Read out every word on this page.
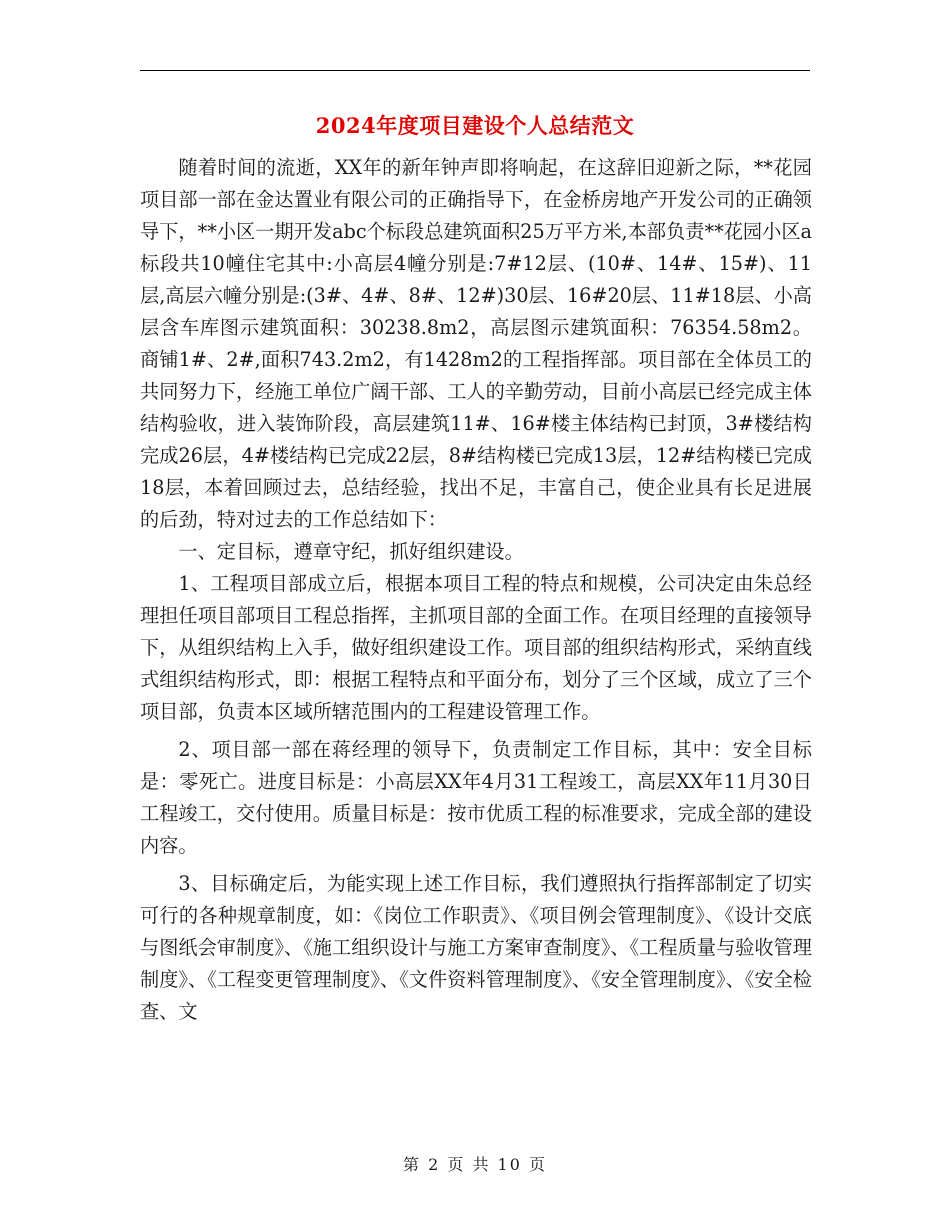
2024年度项目建设个人总结范文

随着时间的流逝，XX年的新年钟声即将响起，在这辞旧迎新之际，**花园项目部一部在金达置业有限公司的正确指导下，在金桥房地产开发公司的正确领导下，**小区一期开发abc个标段总建筑面积25万平方米,本部负责**花园小区a标段共10幢住宅其中:小高层4幢分别是:7#12层、(10#、14#、15#)、11层,高层六幢分别是:(3#、4#、8#、12#)30层、16#20层、11#18层、小高层含车库图示建筑面积：30238.8m2，高层图示建筑面积：76354.58m2。商铺1#、2#,面积743.2m2，有1428m2的工程指挥部。项目部在全体员工的共同努力下，经施工单位广阔干部、工人的辛勤劳动，目前小高层已经完成主体结构验收，进入装饰阶段，高层建筑11#、16#楼主体结构已封顶，3#楼结构完成26层，4#楼结构已完成22层，8#结构楼已完成13层，12#结构楼已完成18层，本着回顾过去，总结经验，找出不足，丰富自己，使企业具有长足进展的后劲，特对过去的工作总结如下：

一、定目标，遵章守纪，抓好组织建设。

1、工程项目部成立后，根据本项目工程的特点和规模，公司决定由朱总经理担任项目部项目工程总指挥，主抓项目部的全面工作。在项目经理的直接领导下，从组织结构上入手，做好组织建设工作。项目部的组织结构形式，采纳直线式组织结构形式，即：根据工程特点和平面分布，划分了三个区域，成立了三个项目部，负责本区域所辖范围内的工程建设管理工作。

2、项目部一部在蒋经理的领导下，负责制定工作目标，其中：安全目标是：零死亡。进度目标是：小高层XX年4月31工程竣工，高层XX年11月30日工程竣工，交付使用。质量目标是：按市优质工程的标准要求，完成全部的建设内容。

3、目标确定后，为能实现上述工作目标，我们遵照执行指挥部制定了切实可行的各种规章制度，如：《岗位工作职责》、《项目例会管理制度》、《设计交底与图纸会审制度》、《施工组织设计与施工方案审查制度》、《工程质量与验收管理制度》、《工程变更管理制度》、《文件资料管理制度》、《安全管理制度》、《安全检查、文

第 2 页 共 10 页
